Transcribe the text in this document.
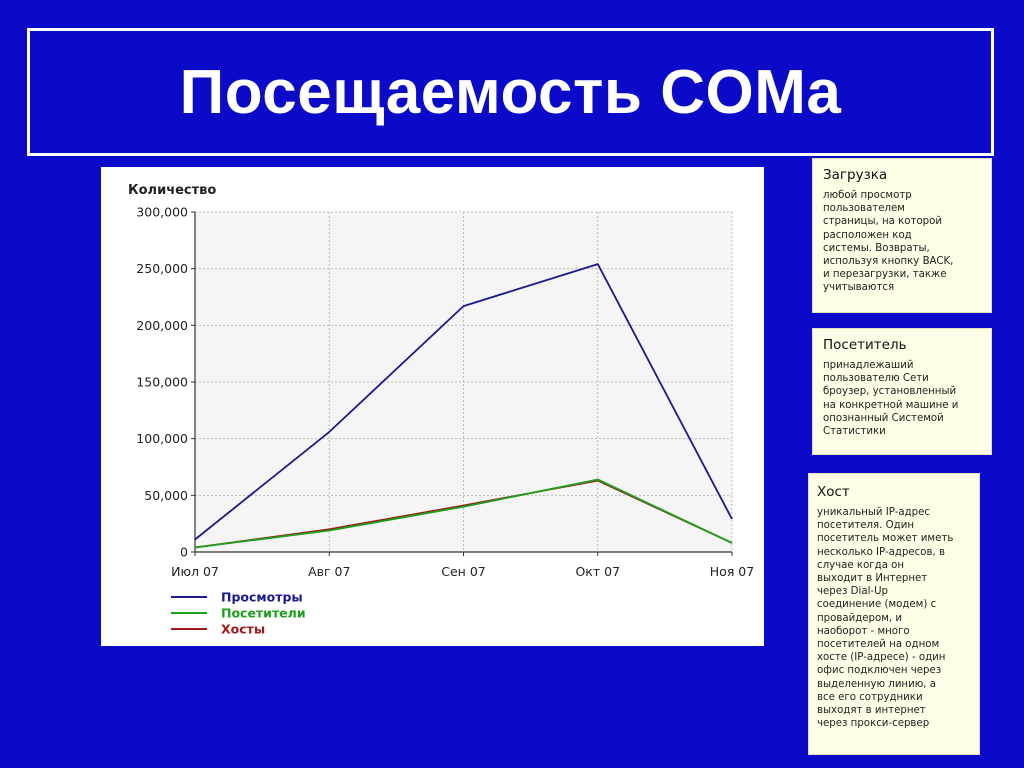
Посещаемость COMa
0
50,000
100,000
150,000
200,000
250,000
300,000
Июл 07	Авг 07	Сен 07	Окт 07	Ноя 07
Количество
Просмотры
Посетители
Хосты
Загрузка
любой просмотр
пользователем
страницы, на которой
расположен код
системы. Возвраты,
используя кнопку BACK,
и перезагрузки, также
учитываются
Посетитель
принадлежаший
пользователю Сети
броузер, установленный
на конкретной машине и
опознанный Системой
Статистики
Хост
уникальный IP-адрес
посетителя. Один
посетитель может иметь
несколько IP-адресов, в
случае когда он
выходит в Интернет
через Dial-Up
соединение (модем) с
провайдером, и
наоборот - много
посетителей на одном
хосте (IP-адресе) - один
офис подключен через
выделенную линию, а
все его сотрудники
выходят в интернет
через прокси-сервер
